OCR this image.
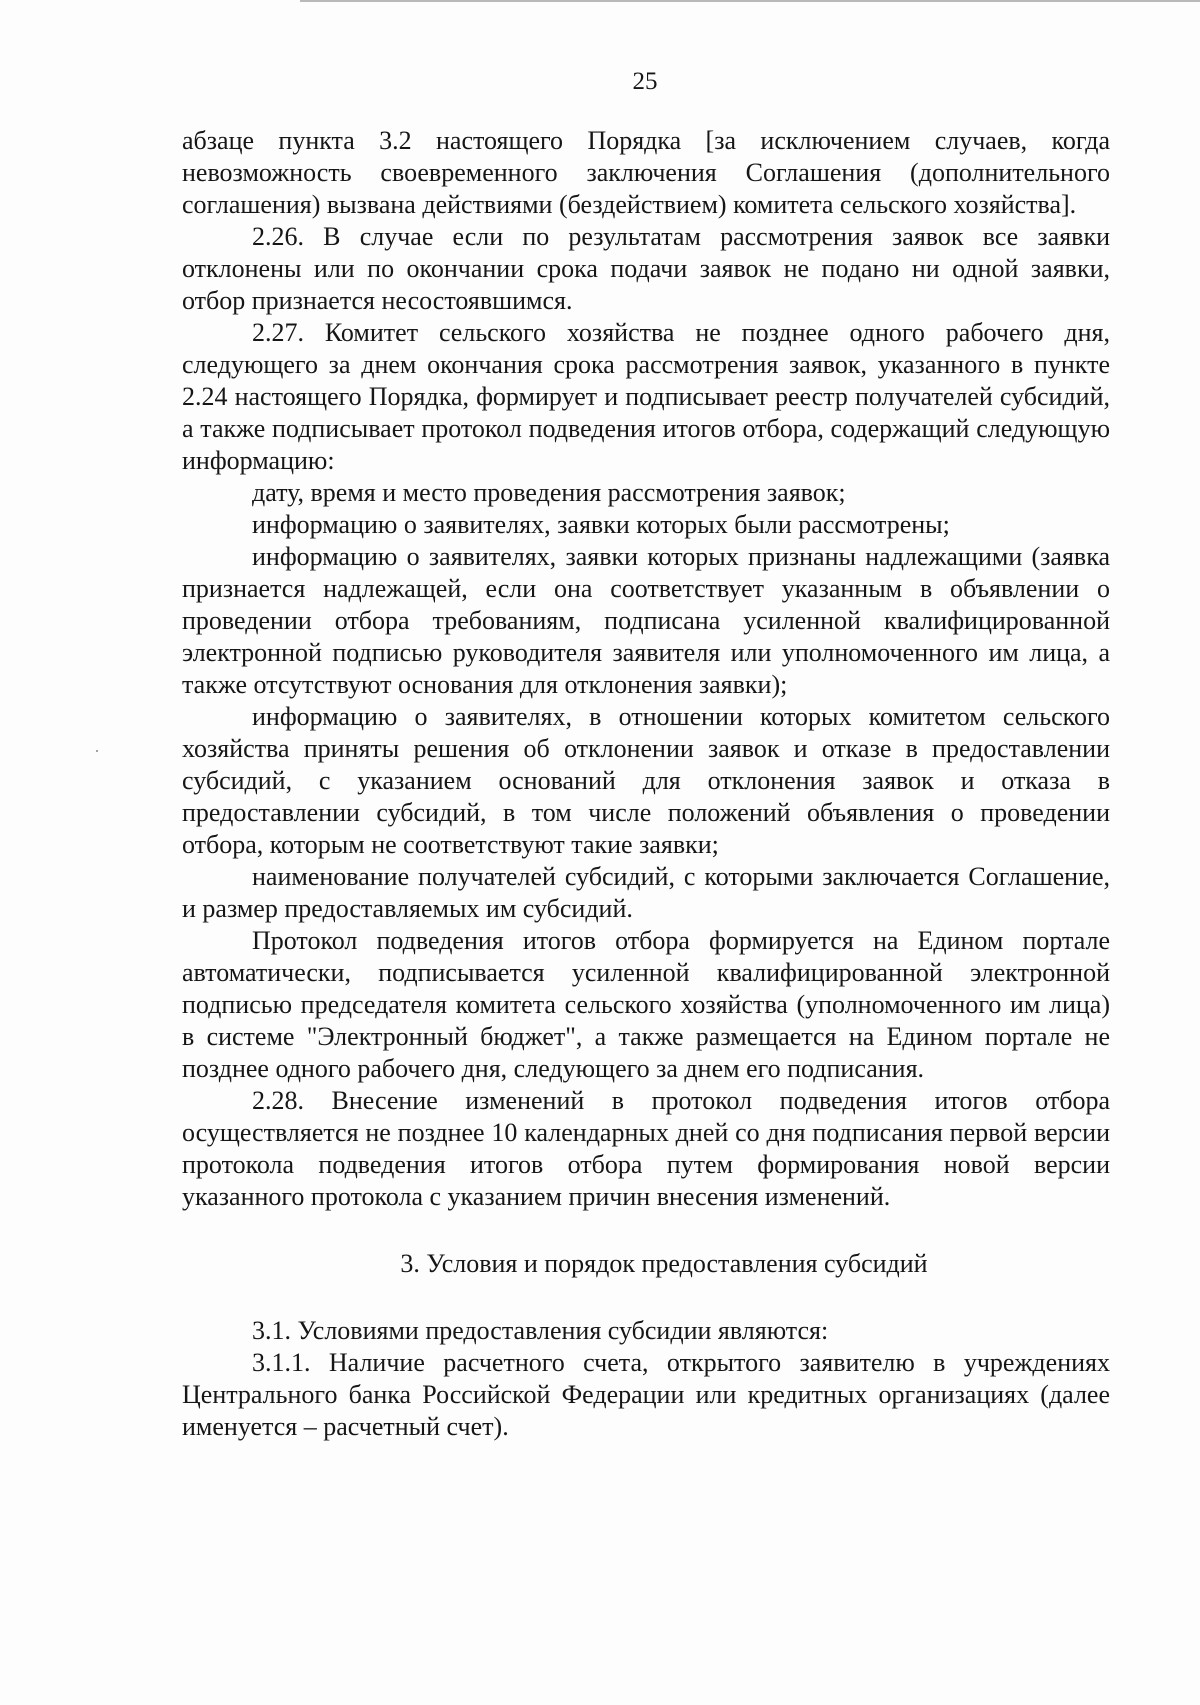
25

абзаце пункта 3.2 настоящего Порядка [за исключением случаев, когда невозможность своевременного заключения Соглашения (дополнительного соглашения) вызвана действиями (бездействием) комитета сельского хозяйства].

2.26. В случае если по результатам рассмотрения заявок все заявки отклонены или по окончании срока подачи заявок не подано ни одной заявки, отбор признается несостоявшимся.

2.27. Комитет сельского хозяйства не позднее одного рабочего дня, следующего за днем окончания срока рассмотрения заявок, указанного в пункте 2.24 настоящего Порядка, формирует и подписывает реестр получателей субсидий, а также подписывает протокол подведения итогов отбора, содержащий следующую информацию:

дату, время и место проведения рассмотрения заявок;

информацию о заявителях, заявки которых были рассмотрены;

информацию о заявителях, заявки которых признаны надлежащими (заявка признается надлежащей, если она соответствует указанным в объявлении о проведении отбора требованиям, подписана усиленной квалифицированной электронной подписью руководителя заявителя или уполномоченного им лица, а также отсутствуют основания для отклонения заявки);

информацию о заявителях, в отношении которых комитетом сельского хозяйства приняты решения об отклонении заявок и отказе в предоставлении субсидий, с указанием оснований для отклонения заявок и отказа в предоставлении субсидий, в том числе положений объявления о проведении отбора, которым не соответствуют такие заявки;

наименование получателей субсидий, с которыми заключается Соглашение, и размер предоставляемых им субсидий.

Протокол подведения итогов отбора формируется на Едином портале автоматически, подписывается усиленной квалифицированной электронной подписью председателя комитета сельского хозяйства (уполномоченного им лица) в системе "Электронный бюджет", а также размещается на Едином портале не позднее одного рабочего дня, следующего за днем его подписания.

2.28. Внесение изменений в протокол подведения итогов отбора осуществляется не позднее 10 календарных дней со дня подписания первой версии протокола подведения итогов отбора путем формирования новой версии указанного протокола с указанием причин внесения изменений.

3. Условия и порядок предоставления субсидий

3.1. Условиями предоставления субсидии являются:

3.1.1. Наличие расчетного счета, открытого заявителю в учреждениях Центрального банка Российской Федерации или кредитных организациях (далее именуется – расчетный счет).
